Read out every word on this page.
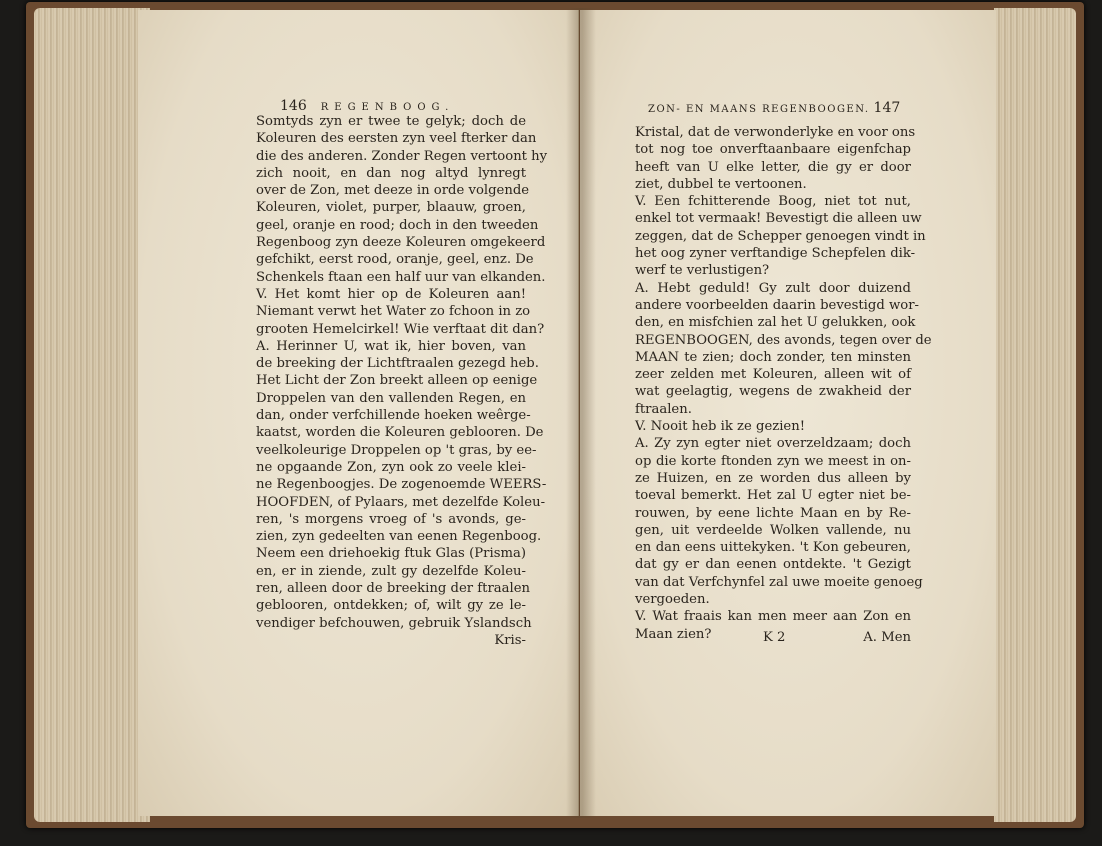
146 REGENBOOG.	ZON- EN MAANS REGENBOOGEN. 147
Kristal, dat de verwonderlyke en voor ons
tot nog toe onverftaanbaare eigenfchap
heeft van U elke letter, die gy er door
ziet, dubbel te vertoonen.
V. Een fchitterende Boog, niet tot nut,
enkel tot vermaak! Bevestigt die alleen uw
zeggen, dat de Schepper genoegen vindt in
het oog zyner verftandige Schepfelen dik-
werf te verlustigen?
A. Hebt geduld! Gy zult door duizend
andere voorbeelden daarin bevestigd wor-
den, en misfchien zal het U gelukken, ook
REGENBOOGEN, des avonds, tegen over de
MAAN te zien; doch zonder, ten minsten
zeer zelden met Koleuren, alleen wit of
wat geelagtig, wegens de zwakheid der
ftraalen.
V. Nooit heb ik ze gezien!
A. Zy zyn egter niet overzeldzaam; doch
op die korte ftonden zyn we meest in on-
ze Huizen, en ze worden dus alleen by
toeval bemerkt. Het zal U egter niet be-
rouwen, by eene lichte Maan en by Re-
gen, uit verdeelde Wolken vallende, nu
en dan eens uittekyken. 't Kon gebeuren,
dat gy er dan eenen ontdekte. 't Gezigt
van dat Verfchynfel zal uwe moeite genoeg
vergoeden.
V. Wat fraais kan men meer aan Zon en
Maan zien?	K 2	A. Men
Somtyds zyn er twee te gelyk; doch de
Koleuren des eersten zyn veel fterker dan
die des anderen. Zonder Regen vertoont hy
zich nooit, en dan nog altyd lynregt
over de Zon, met deeze in orde volgende
Koleuren, violet, purper, blaauw, groen,
geel, oranje en rood; doch in den tweeden
Regenboog zyn deeze Koleuren omgekeerd
gefchikt, eerst rood, oranje, geel, enz. De
Schenkels ftaan een half uur van elkanden.
V. Het komt hier op de Koleuren aan!
Niemant verwt het Water zo fchoon in zo
grooten Hemelcirkel! Wie verftaat dit dan?
A. Herinner U, wat ik, hier boven, van
de breeking der Lichtftraalen gezegd heb.
Het Licht der Zon breekt alleen op eenige
Droppelen van den vallenden Regen, en
dan, onder verfchillende hoeken weêrge-
kaatst, worden die Koleuren geblooren. De
veelkoleurige Droppelen op 't gras, by ee-
ne opgaande Zon, zyn ook zo veele klei-
ne Regenboogjes. De zogenoemde WEERS-
HOOFDEN, of Pylaars, met dezelfde Koleu-
ren, 's morgens vroeg of 's avonds, ge-
zien, zyn gedeelten van eenen Regenboog.
Neem een driehoekig ftuk Glas (Prisma)
en, er in ziende, zult gy dezelfde Koleu-
ren, alleen door de breeking der ftraalen
geblooren, ontdekken; of, wilt gy ze le-
vendiger befchouwen, gebruik Yslandsch
Kris-
